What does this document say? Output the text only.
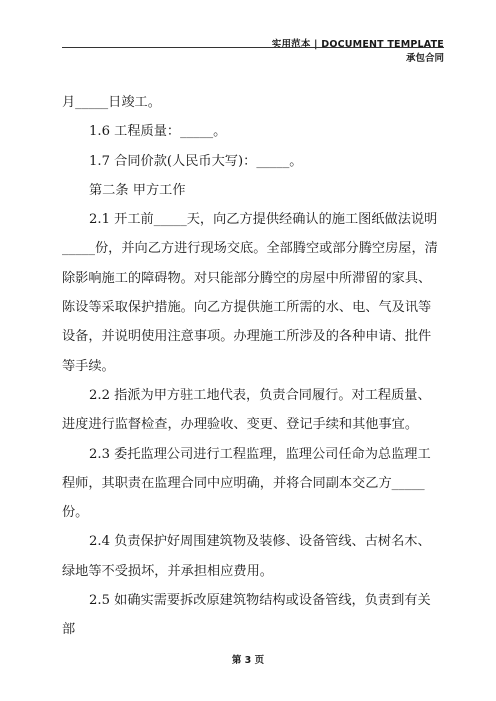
实用范本 | DOCUMENT TEMPLATE
承包合同

月_____日竣工。

1.6 工程质量：_____。

1.7 合同价款(人民币大写)：_____。

第二条 甲方工作

2.1 开工前_____天，向乙方提供经确认的施工图纸做法说明_____份，并向乙方进行现场交底。全部腾空或部分腾空房屋，清除影响施工的障碍物。对只能部分腾空的房屋中所滞留的家具、陈设等采取保护措施。向乙方提供施工所需的水、电、气及讯等设备，并说明使用注意事项。办理施工所涉及的各种申请、批件等手续。

2.2 指派为甲方驻工地代表，负责合同履行。对工程质量、进度进行监督检查，办理验收、变更、登记手续和其他事宜。

2.3 委托监理公司进行工程监理，监理公司任命为总监理工程师，其职责在监理合同中应明确，并将合同副本交乙方_____份。

2.4 负责保护好周围建筑物及装修、设备管线、古树名木、绿地等不受损坏，并承担相应费用。

2.5 如确实需要拆改原建筑物结构或设备管线，负责到有关部

第 3 页
